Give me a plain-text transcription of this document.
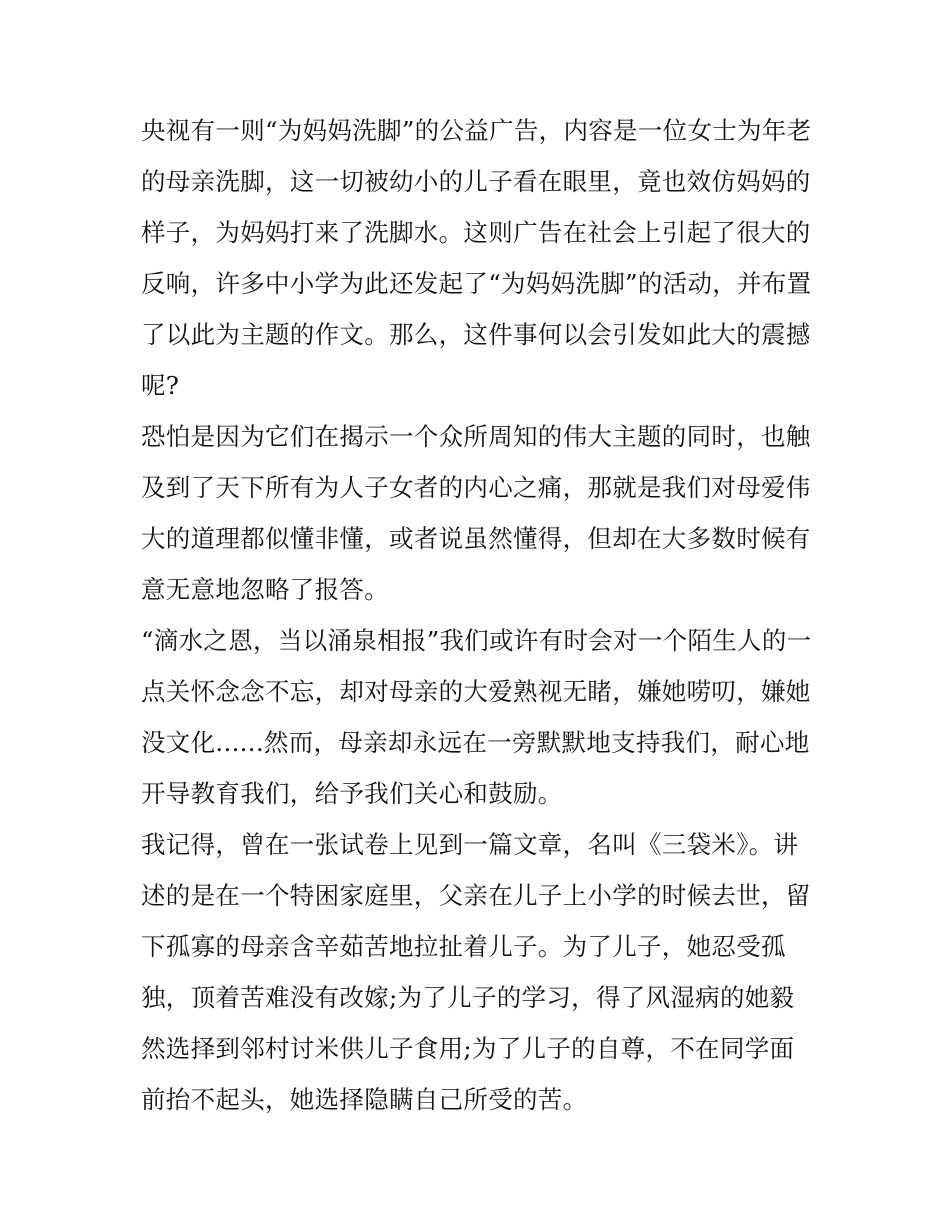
央视有一则“为妈妈洗脚”的公益广告，内容是一位女士为年老
的母亲洗脚，这一切被幼小的儿子看在眼里，竟也效仿妈妈的
样子，为妈妈打来了洗脚水。这则广告在社会上引起了很大的
反响，许多中小学为此还发起了“为妈妈洗脚”的活动，并布置
了以此为主题的作文。那么，这件事何以会引发如此大的震撼
呢?
恐怕是因为它们在揭示一个众所周知的伟大主题的同时，也触
及到了天下所有为人子女者的内心之痛，那就是我们对母爱伟
大的道理都似懂非懂，或者说虽然懂得，但却在大多数时候有
意无意地忽略了报答。
“滴水之恩，当以涌泉相报”我们或许有时会对一个陌生人的一
点关怀念念不忘，却对母亲的大爱熟视无睹，嫌她唠叨，嫌她
没文化......然而，母亲却永远在一旁默默地支持我们，耐心地
开导教育我们，给予我们关心和鼓励。
我记得，曾在一张试卷上见到一篇文章，名叫《三袋米》。讲
述的是在一个特困家庭里，父亲在儿子上小学的时候去世，留
下孤寡的母亲含辛茹苦地拉扯着儿子。为了儿子，她忍受孤
独，顶着苦难没有改嫁;为了儿子的学习，得了风湿病的她毅
然选择到邻村讨米供儿子食用;为了儿子的自尊，不在同学面
前抬不起头，她选择隐瞒自己所受的苦。
